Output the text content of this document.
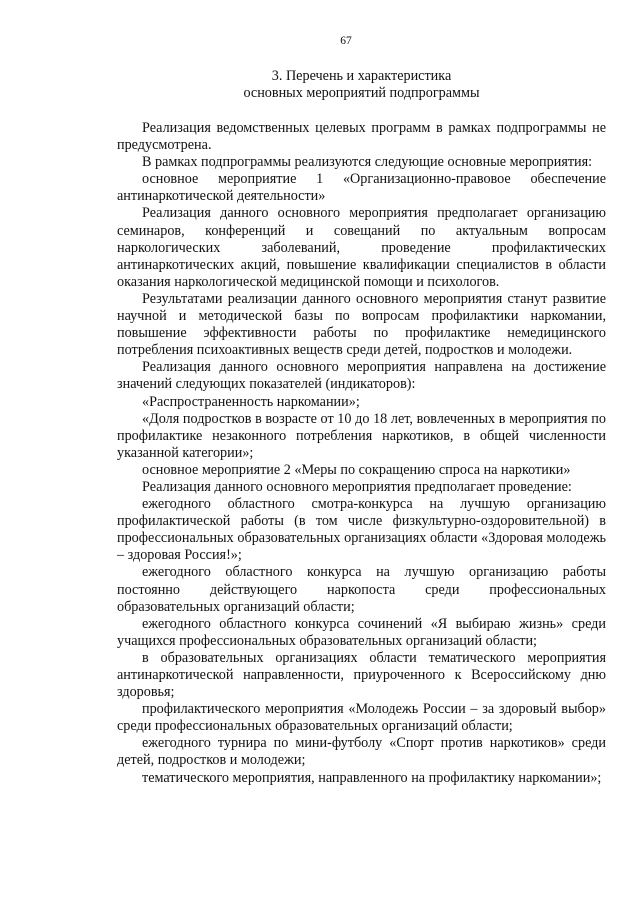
67
3. Перечень и характеристика
основных мероприятий подпрограммы

Реализация ведомственных целевых программ в рамках подпрограммы не предусмотрена.

В рамках подпрограммы реализуются следующие основные мероприятия:

основное мероприятие 1 «Организационно-правовое обеспечение антинаркотической деятельности»

Реализация данного основного мероприятия предполагает организацию семинаров, конференций и совещаний по актуальным вопросам наркологических заболеваний, проведение профилактических антинаркотических акций, повышение квалификации специалистов в области оказания наркологической медицинской помощи и психологов.

Результатами реализации данного основного мероприятия станут развитие научной и методической базы по вопросам профилактики наркомании, повышение эффективности работы по профилактике немедицинского потребления психоактивных веществ среди детей, подростков и молодежи.

Реализация данного основного мероприятия направлена на достижение значений следующих показателей (индикаторов):

«Распространенность наркомании»;

«Доля подростков в возрасте от 10 до 18 лет, вовлеченных в мероприятия по профилактике незаконного потребления наркотиков, в общей численности указанной категории»;

основное мероприятие 2 «Меры по сокращению спроса на наркотики»

Реализация данного основного мероприятия предполагает проведение:

ежегодного областного смотра-конкурса на лучшую организацию профилактической работы (в том числе физкультурно-оздоровительной) в профессиональных образовательных организациях области «Здоровая молодежь – здоровая Россия!»;

ежегодного областного конкурса на лучшую организацию работы постоянно действующего наркопоста среди профессиональных образовательных организаций области;

ежегодного областного конкурса сочинений «Я выбираю жизнь» среди учащихся профессиональных образовательных организаций области;

в образовательных организациях области тематического мероприятия антинаркотической направленности, приуроченного к Всероссийскому дню здоровья;

профилактического мероприятия «Молодежь России – за здоровый выбор» среди профессиональных образовательных организаций области;

ежегодного турнира по мини-футболу «Спорт против наркотиков» среди детей, подростков и молодежи;

тематического мероприятия, направленного на профилактику наркомании»;
